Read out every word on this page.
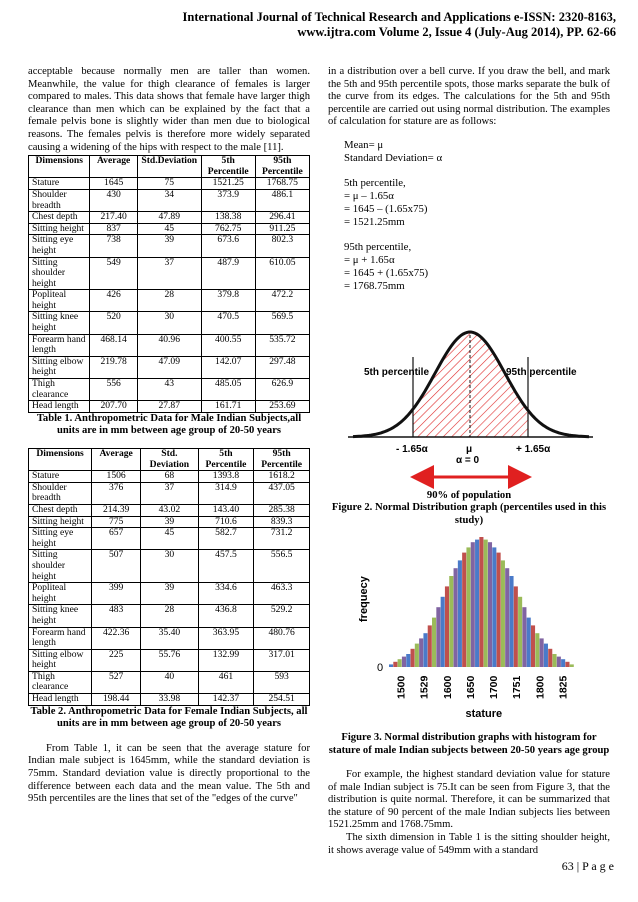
International Journal of Technical Research and Applications e-ISSN: 2320-8163,
www.ijtra.com Volume 2, Issue 4 (July-Aug 2014), PP. 62-66

acceptable because normally men are taller than women. Meanwhile, the value for thigh clearance of females is larger compared to males. This data shows that female have larger thigh clearance than men which can be explained by the fact that a female pelvis bone is slightly wider than men due to biological reasons. The females pelvis is therefore more widely separated causing a widening of the hips with respect to the male [11].

Dimensions	Average	Std.Deviation	5th Percentile	95th Percentile
Stature	1645	75	1521.25	1768.75
Shoulder breadth	430	34	373.9	486.1
Chest depth	217.40	47.89	138.38	296.41
Sitting height	837	45	762.75	911.25
Sitting eye height	738	39	673.6	802.3
Sitting shoulder height	549	37	487.9	610.05
Popliteal height	426	28	379.8	472.2
Sitting knee height	520	30	470.5	569.5
Forearm hand length	468.14	40.96	400.55	535.72
Sitting elbow height	219.78	47.09	142.07	297.48
Thigh clearance	556	43	485.05	626.9
Head length	207.70	27.87	161.71	253.69
Table 1. Anthropometric Data for Male Indian Subjects,all units are in mm between age group of 20-50 years
Dimensions	Average	Std. Deviation	5th Percentile	95th Percentile
Stature	1506	68	1393.8	1618.2
Shoulder breadth	376	37	314.9	437.05
Chest depth	214.39	43.02	143.40	285.38
Sitting height	775	39	710.6	839.3
Sitting eye height	657	45	582.7	731.2
Sitting shoulder height	507	30	457.5	556.5
Popliteal height	399	39	334.6	463.3
Sitting knee height	483	28	436.8	529.2
Forearm hand length	422.36	35.40	363.95	480.76
Sitting elbow height	225	55.76	132.99	317.01
Thigh clearance	527	40	461	593
Head length	198.44	33.98	142.37	254.51
Table 2. Anthropometric Data for Female Indian Subjects, all units are in mm between age group of 20-50 years

From Table 1, it can be seen that the average stature for Indian male subject is 1645mm, while the standard deviation is 75mm. Standard deviation value is directly proportional to the difference between each data and the mean value. The 5th and 95th percentiles are the lines that set of the "edges of the curve"

in a distribution over a bell curve. If you draw the bell, and mark the 5th and 95th percentile spots, those marks separate the bulk of the curve from its edges. The calculations for the 5th and 95th percentile are carried out using normal distribution. The examples of calculation for stature are as follows:

Mean= μ
Standard Deviation= α
5th percentile,
= μ – 1.65α
= 1645 – (1.65x75)
= 1521.25mm
95th percentile,
= μ + 1.65α
= 1645 + (1.65x75)
= 1768.75mm
5th percentile	95th percentile
- 1.65α	μ
α = 0
+ 1.65α
90% of population
Figure 2. Normal Distribution graph (percentiles used in this study)
0
frequecy
1500 1529 1600 1650 1700 1751 1800 1825
stature
Figure 3. Normal distribution graphs with histogram for stature of male Indian subjects between 20-50 years age group

For example, the highest standard deviation value for stature of male Indian subject is 75.It can be seen from Figure 3, that the distribution is quite normal. Therefore, it can be summarized that the stature of 90 percent of the male Indian subjects lies between 1521.25mm and 1768.75mm.

The sixth dimension in Table 1 is the sitting shoulder height, it shows average value of 549mm with a standard

63 | P a g e
